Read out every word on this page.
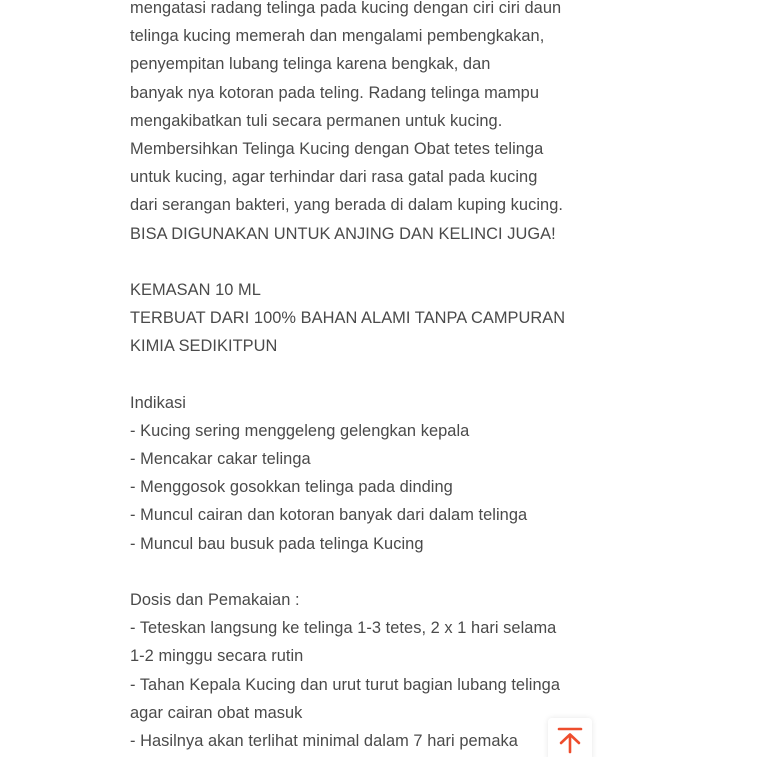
mengatasi radang telinga pada kucing dengan ciri ciri daun
telinga kucing memerah dan mengalami pembengkakan,
penyempitan lubang telinga karena bengkak, dan
banyak nya kotoran pada teling. Radang telinga mampu
mengakibatkan tuli secara permanen untuk kucing.
Membersihkan Telinga Kucing dengan Obat tetes telinga
untuk kucing, agar terhindar dari rasa gatal pada kucing
dari serangan bakteri, yang berada di dalam kuping kucing.
BISA DIGUNAKAN UNTUK ANJING DAN KELINCI JUGA!
KEMASAN 10 ML
TERBUAT DARI 100% BAHAN ALAMI TANPA CAMPURAN
KIMIA SEDIKITPUN
Indikasi
- Kucing sering menggeleng gelengkan kepala
- Mencakar cakar telinga
- Menggosok gosokkan telinga pada dinding
- Muncul cairan dan kotoran banyak dari dalam telinga
- Muncul bau busuk pada telinga Kucing
Dosis dan Pemakaian :
- Teteskan langsung ke telinga 1-3 tetes, 2 x 1 hari selama
1-2 minggu secara rutin
- Tahan Kepala Kucing dan urut turut bagian lubang telinga
agar cairan obat masuk
- Hasilnya akan terlihat minimal dalam 7 hari pemaka
